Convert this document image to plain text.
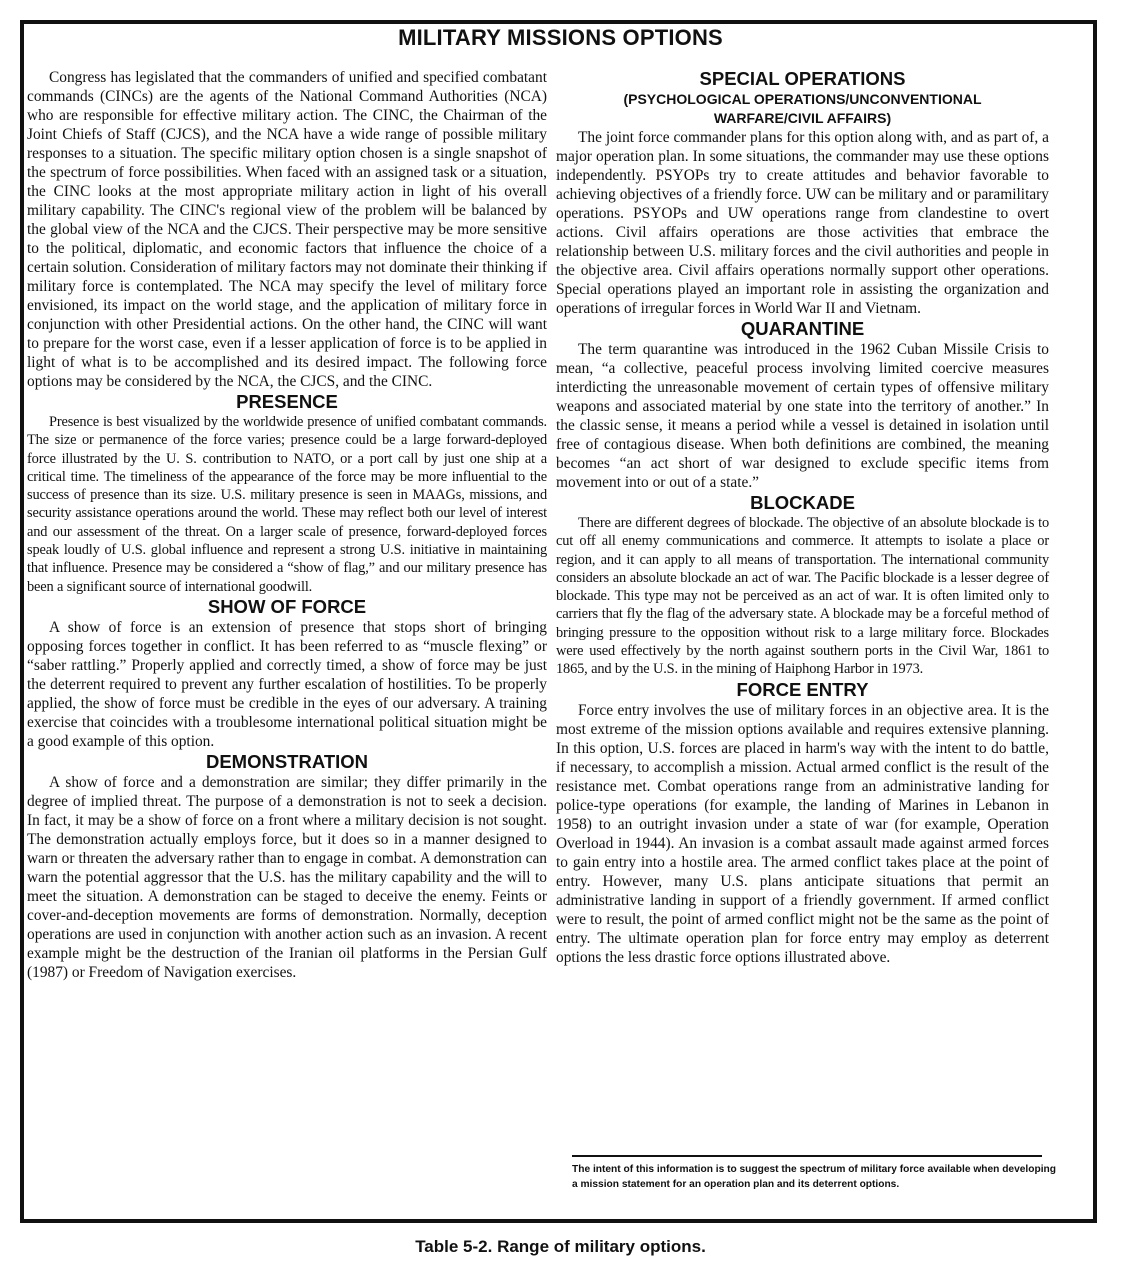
MILITARY MISSIONS OPTIONS

Congress has legislated that the commanders of unified and specified combatant commands (CINCs) are the agents of the National Command Authorities (NCA) who are responsible for effective military action. The CINC, the Chairman of the Joint Chiefs of Staff (CJCS), and the NCA have a wide range of possible military responses to a situation. The specific military option chosen is a single snapshot of the spectrum of force possibilities. When faced with an assigned task or a situation, the CINC looks at the most appropriate military action in light of his overall military capability. The CINC's regional view of the problem will be balanced by the global view of the NCA and the CJCS. Their perspective may be more sensitive to the political, diplomatic, and economic factors that influence the choice of a certain solution. Consideration of military factors may not dominate their thinking if military force is contemplated. The NCA may specify the level of military force envisioned, its impact on the world stage, and the application of military force in conjunction with other Presidential actions. On the other hand, the CINC will want to prepare for the worst case, even if a lesser application of force is to be applied in light of what is to be accomplished and its desired impact. The following force options may be considered by the NCA, the CJCS, and the CINC.

PRESENCE

Presence is best visualized by the worldwide presence of unified combatant commands. The size or permanence of the force varies; presence could be a large forward-deployed force illustrated by the U. S. contribution to NATO, or a port call by just one ship at a critical time. The timeliness of the appearance of the force may be more influential to the success of presence than its size. U.S. military presence is seen in MAAGs, missions, and security assistance operations around the world. These may reflect both our level of interest and our assessment of the threat. On a larger scale of presence, forward-deployed forces speak loudly of U.S. global influence and represent a strong U.S. initiative in maintaining that influence. Presence may be considered a “show of flag,” and our military presence has been a significant source of international goodwill.

SHOW OF FORCE

A show of force is an extension of presence that stops short of bringing opposing forces together in conflict. It has been referred to as “muscle flexing” or “saber rattling.” Properly applied and correctly timed, a show of force may be just the deterrent required to prevent any further escalation of hostilities. To be properly applied, the show of force must be credible in the eyes of our adversary. A training exercise that coincides with a troublesome international political situation might be a good example of this option.

DEMONSTRATION

A show of force and a demonstration are similar; they differ primarily in the degree of implied threat. The purpose of a demonstration is not to seek a decision. In fact, it may be a show of force on a front where a military decision is not sought. The demonstration actually employs force, but it does so in a manner designed to warn or threaten the adversary rather than to engage in combat. A demonstration can warn the potential aggressor that the U.S. has the military capability and the will to meet the situation. A demonstration can be staged to deceive the enemy. Feints or cover-and-deception movements are forms of demonstration. Normally, deception operations are used in conjunction with another action such as an invasion. A recent example might be the destruction of the Iranian oil platforms in the Persian Gulf (1987) or Freedom of Navigation exercises.

SPECIAL OPERATIONS
(PSYCHOLOGICAL OPERATIONS/UNCONVENTIONAL
WARFARE/CIVIL AFFAIRS)

The joint force commander plans for this option along with, and as part of, a major operation plan. In some situations, the commander may use these options independently. PSYOPs try to create attitudes and behavior favorable to achieving objectives of a friendly force. UW can be military and or paramilitary operations. PSYOPs and UW operations range from clandestine to overt actions. Civil affairs operations are those activities that embrace the relationship between U.S. military forces and the civil authorities and people in the objective area. Civil affairs operations normally support other operations. Special operations played an important role in assisting the organization and operations of irregular forces in World War II and Vietnam.

QUARANTINE

The term quarantine was introduced in the 1962 Cuban Missile Crisis to mean, “a collective, peaceful process involving limited coercive measures interdicting the unreasonable movement of certain types of offensive military weapons and associated material by one state into the territory of another.” In the classic sense, it means a period while a vessel is detained in isolation until free of contagious disease. When both definitions are combined, the meaning becomes “an act short of war designed to exclude specific items from movement into or out of a state.”

BLOCKADE

There are different degrees of blockade. The objective of an absolute blockade is to cut off all enemy communications and commerce. It attempts to isolate a place or region, and it can apply to all means of transportation. The international community considers an absolute blockade an act of war. The Pacific blockade is a lesser degree of blockade. This type may not be perceived as an act of war. It is often limited only to carriers that fly the flag of the adversary state. A blockade may be a forceful method of bringing pressure to the opposition without risk to a large military force. Blockades were used effectively by the north against southern ports in the Civil War, 1861 to 1865, and by the U.S. in the mining of Haiphong Harbor in 1973.

FORCE ENTRY

Force entry involves the use of military forces in an objective area. It is the most extreme of the mission options available and requires extensive planning. In this option, U.S. forces are placed in harm's way with the intent to do battle, if necessary, to accomplish a mission. Actual armed conflict is the result of the resistance met. Combat operations range from an administrative landing for police-type operations (for example, the landing of Marines in Lebanon in 1958) to an outright invasion under a state of war (for example, Operation Overload in 1944). An invasion is a combat assault made against armed forces to gain entry into a hostile area. The armed conflict takes place at the point of entry. However, many U.S. plans anticipate situations that permit an administrative landing in support of a friendly government. If armed conflict were to result, the point of armed conflict might not be the same as the point of entry. The ultimate operation plan for force entry may employ as deterrent options the less drastic force options illustrated above.

The intent of this information is to suggest the spectrum of military force available when developing a mission statement for an operation plan and its deterrent options.

Table 5-2. Range of military options.
